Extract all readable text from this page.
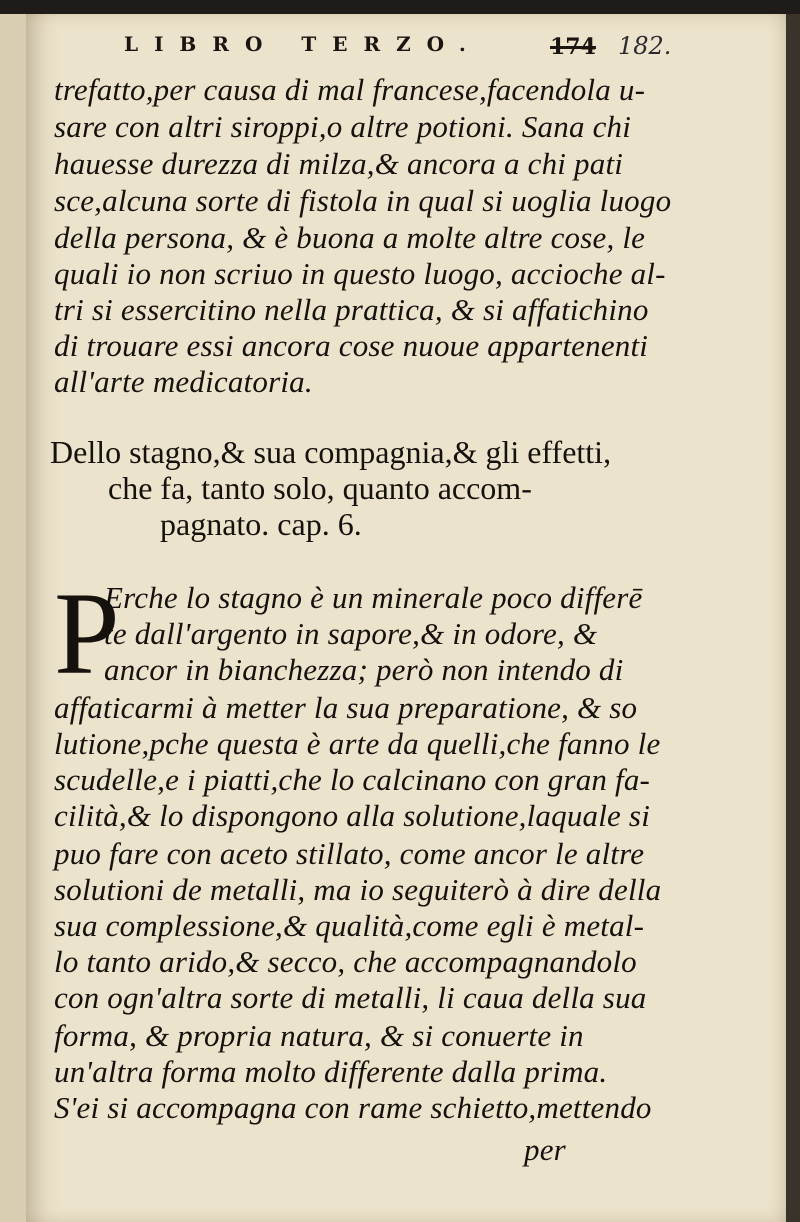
LIBRO TERZO.	174 182.
trefatto,per causa di mal francese,facendola u-
sare con altri siroppi,o altre potioni. Sana chi
hauesse durezza di milza,& ancora a chi pati
sce,alcuna sorte di fistola in qual si uoglia luogo
della persona, & è buona a molte altre cose, le
quali io non scriuo in questo luogo, accioche al-
tri si essercitino nella prattica, & si affatichino
di trouare essi ancora cose nuoue appartenenti
all'arte medicatoria.
Dello stagno,& sua compagnia,& gli effetti,
che fa, tanto solo, quanto accom-
pagnato. cap. 6.
P
Erche lo stagno è un minerale poco differē
te dall'argento in sapore,& in odore, &
ancor in bianchezza; però non intendo di
affaticarmi à metter la sua preparatione, & so
lutione,pche questa è arte da quelli,che fanno le
scudelle,e i piatti,che lo calcinano con gran fa-
cilità,& lo dispongono alla solutione,laquale si
puo fare con aceto stillato, come ancor le altre
solutioni de metalli, ma io seguiterò à dire della
sua complessione,& qualità,come egli è metal-
lo tanto arido,& secco, che accompagnandolo
con ogn'altra sorte di metalli, li caua della sua
forma, & propria natura, & si conuerte in
un'altra forma molto differente dalla prima.
S'ei si accompagna con rame schietto,mettendo
per
